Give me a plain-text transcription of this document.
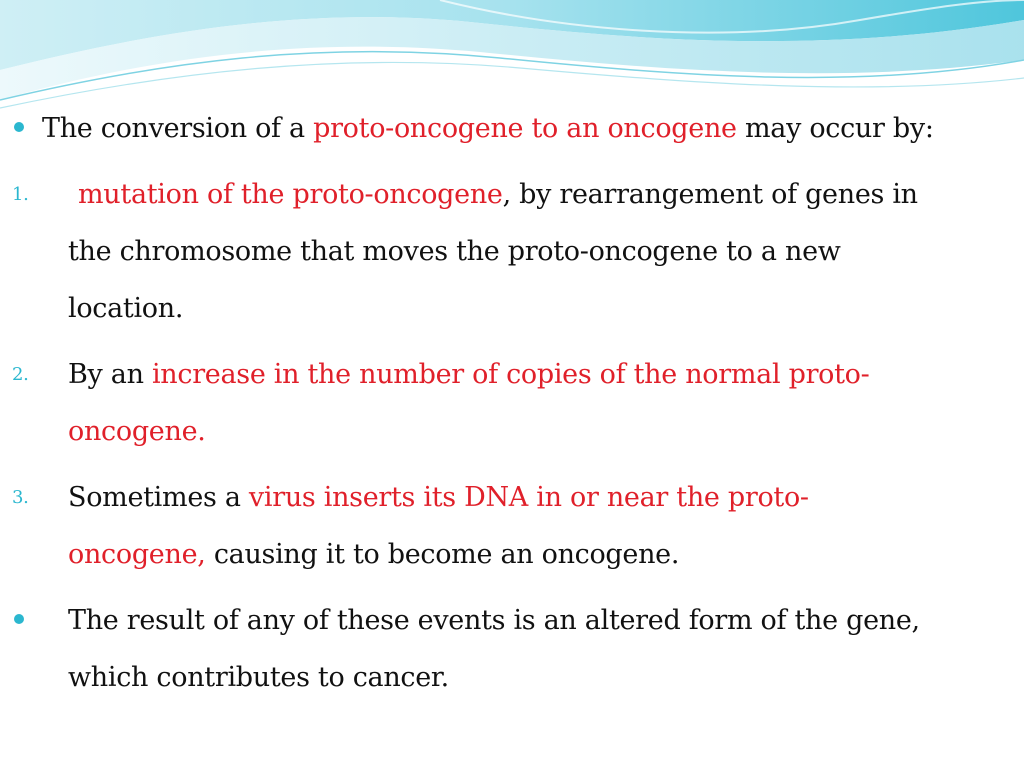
The conversion of a proto-oncogene to an oncogene may occur by:
1.	mutation of the proto-oncogene, by rearrangement of genes in
the chromosome that moves the proto-oncogene to a new
location.
2. By an increase in the number of copies of the normal proto-
oncogene.
3. Sometimes a virus inserts its DNA in or near the proto-
oncogene, causing it to become an oncogene.
The result of any of these events is an altered form of the gene,
which contributes to cancer.
